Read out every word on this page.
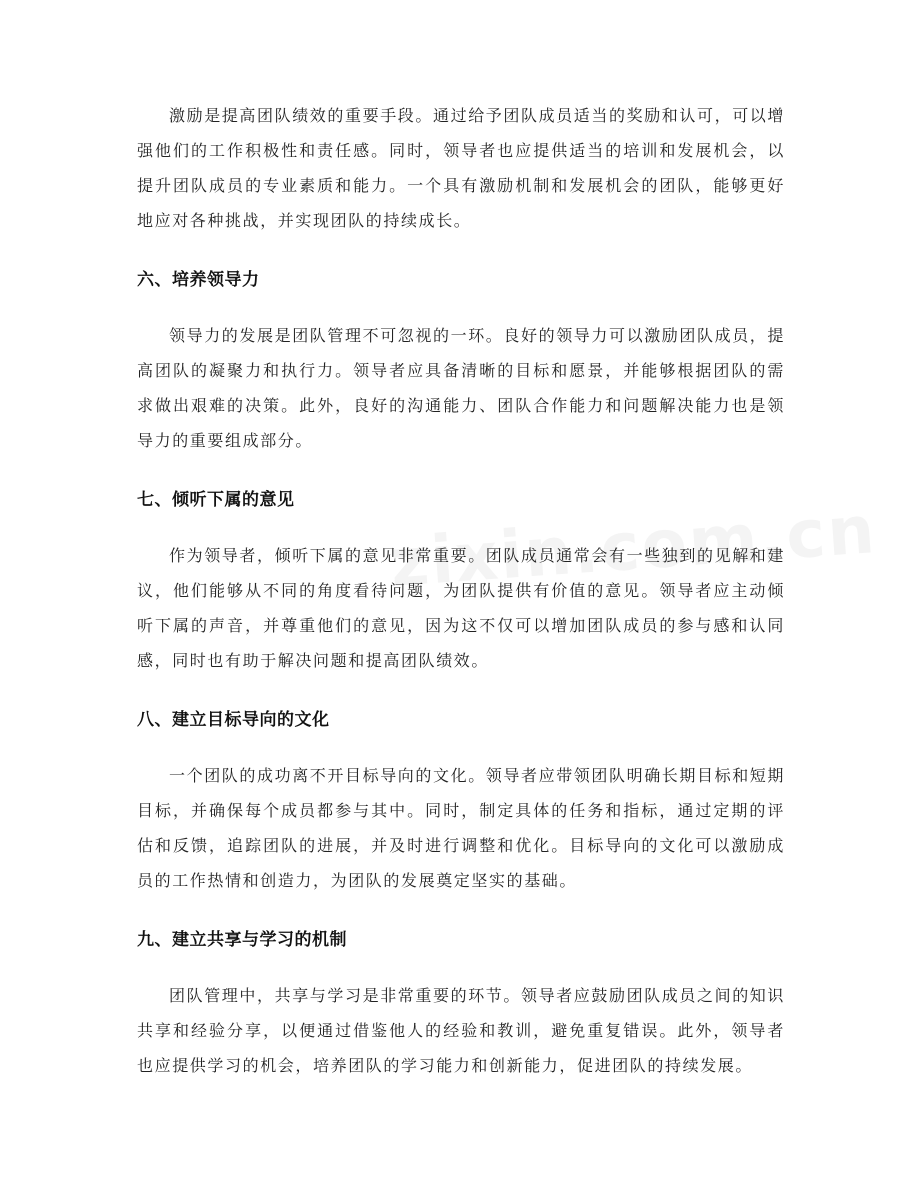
激励是提高团队绩效的重要手段。通过给予团队成员适当的奖励和认可，可以增强他们的工作积极性和责任感。同时，领导者也应提供适当的培训和发展机会，以提升团队成员的专业素质和能力。一个具有激励机制和发展机会的团队，能够更好地应对各种挑战，并实现团队的持续成长。

六、培养领导力

领导力的发展是团队管理不可忽视的一环。良好的领导力可以激励团队成员，提高团队的凝聚力和执行力。领导者应具备清晰的目标和愿景，并能够根据团队的需求做出艰难的决策。此外，良好的沟通能力、团队合作能力和问题解决能力也是领导力的重要组成部分。

七、倾听下属的意见

作为领导者，倾听下属的意见非常重要。团队成员通常会有一些独到的见解和建议，他们能够从不同的角度看待问题，为团队提供有价值的意见。领导者应主动倾听下属的声音，并尊重他们的意见，因为这不仅可以增加团队成员的参与感和认同感，同时也有助于解决问题和提高团队绩效。

八、建立目标导向的文化

一个团队的成功离不开目标导向的文化。领导者应带领团队明确长期目标和短期目标，并确保每个成员都参与其中。同时，制定具体的任务和指标，通过定期的评估和反馈，追踪团队的进展，并及时进行调整和优化。目标导向的文化可以激励成员的工作热情和创造力，为团队的发展奠定坚实的基础。

九、建立共享与学习的机制

团队管理中，共享与学习是非常重要的环节。领导者应鼓励团队成员之间的知识共享和经验分享，以便通过借鉴他人的经验和教训，避免重复错误。此外，领导者也应提供学习的机会，培养团队的学习能力和创新能力，促进团队的持续发展。
